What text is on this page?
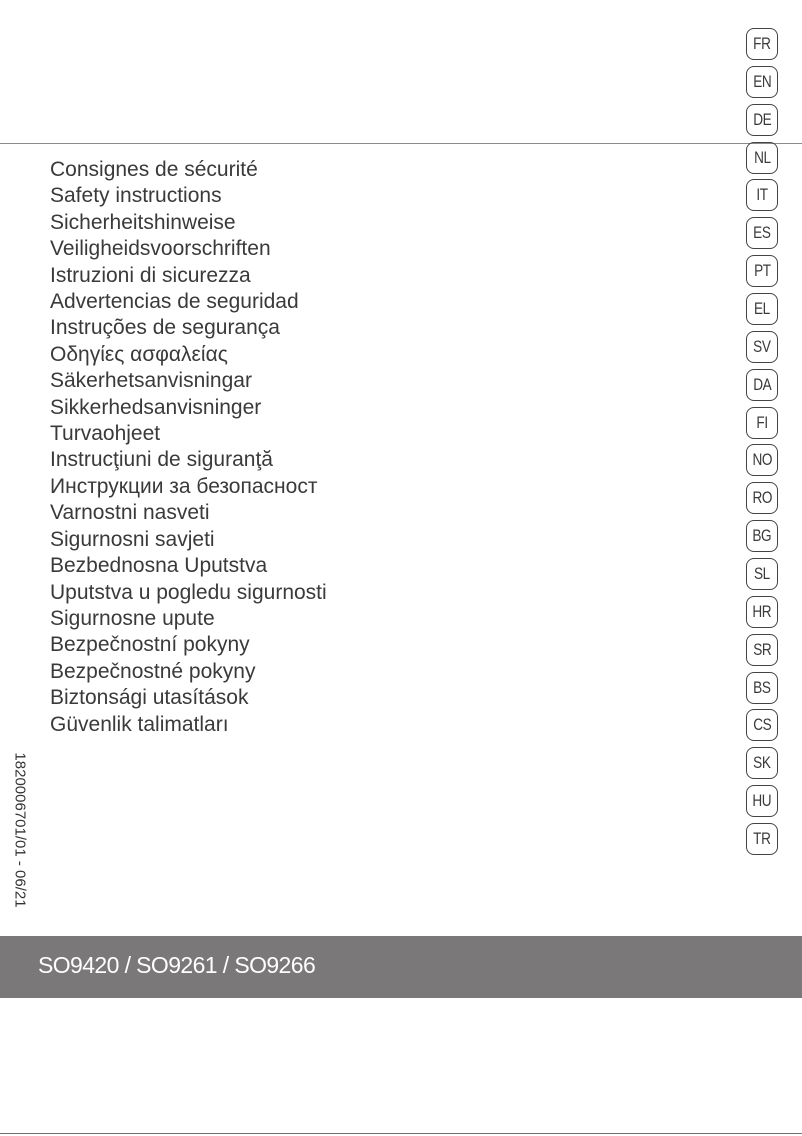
Consignes de sécurité
Safety instructions
Sicherheitshinweise
Veiligheidsvoorschriften
Istruzioni di sicurezza
Advertencias de seguridad
Instruções de segurança
Οδηγίες ασφαλείας
Säkerhetsanvisningar
Sikkerhedsanvisninger
Turvaohjeet
Instrucţiuni de siguranţă
Инструкции за безопасност
Varnostni nasveti
Sigurnosni savjeti
Bezbednosna Uputstva
Uputstva u pogledu sigurnosti
Sigurnosne upute
Bezpečnostní pokyny
Bezpečnostné pokyny
Biztonsági utasítások
Güvenlik talimatları
FR
EN
DE
NL
IT
ES
PT
EL
SV
DA
FI
NO
RO
BG
SL
HR
SR
BS
CS
SK
HU
TR
1820006701/01 - 06/21
SO9420 / SO9261 / SO9266
